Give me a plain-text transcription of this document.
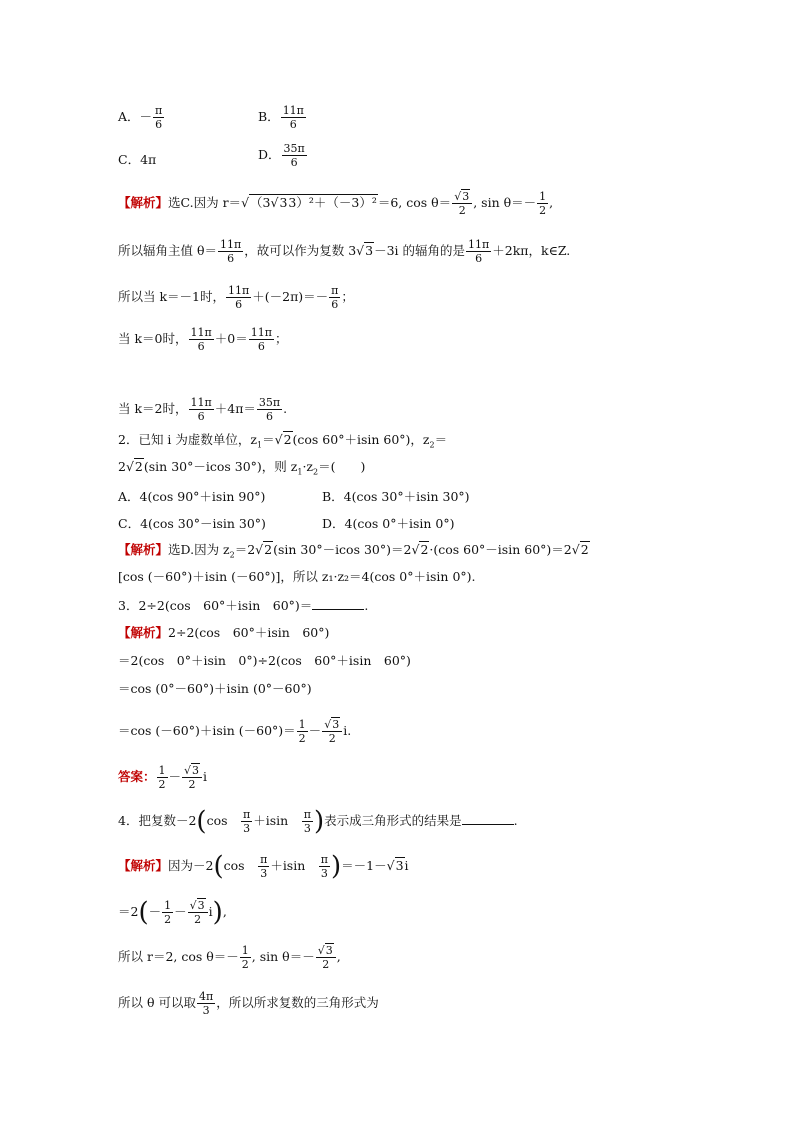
A．－ $\frac{\pi}{6}$	B． $\frac{11\pi}{6}$
C．4π	D． $\frac{35\pi}{6}$
【解析】选C.因为 r＝√（3√33）²＋（－3）²＝6, $\cos \theta= \frac{√3}{2}$ , $\sin \theta=- \frac{1}{2}$ ,
所以辐角主值 $\theta= \frac{11\pi}{6}$ ，故可以作为复数 3√3－3i 的辐角的是 $\frac{11\pi}{6} +2k\pi$，k∈Z.
所以当 k＝－1时， $\frac{11\pi}{6} +(-2\pi)=- \frac{\pi}{6}$ ；
当 k＝0时， $\frac{11\pi}{6} +0= \frac{11\pi}{6}$ ；
当 k＝2时， $\frac{11\pi}{6} +4\pi= \frac{35\pi}{6}$ .
2．已知 i 为虚数单位，$z_1=√2(\cos$ 60°＋isin 60°)，$z_2=$
2√2(sin 30°－icos 30°)，则 $z_1\cdot z_2=$(　　)
A．4(cos 90°＋isin 90°)	B．4(cos 30°＋isin 30°)
C．4(cos 30°－isin 30°)	D．4(cos 0°＋isin 0°)
【解析】选D.因为 $z_2=2√2(\sin$ 30°－icos 30°)＝2√2·(cos 60°－isin 60°)＝2√2
[cos (－60°)＋isin (－60°)]，所以 z₁·z₂＝4(cos 0°＋isin 0°).
3．2÷2(cos　60°＋isin　60°)＝	.
【解析】2÷2(cos　60°＋isin　60°)
＝2(cos　0°＋isin　0°)÷2(cos　60°＋isin　60°)
＝cos (0°－60°)＋isin (0°－60°)
＝cos (－60°)＋isin $(-60^\circ)= \frac{1}{2} - \frac{√3}{2} i$.
答案： $\frac{1}{2} - \frac{√3}{2}$ i
4．把复数－2(cos　 $\frac{\pi}{3} +isin$　 $\frac{\pi}{3}$ )表示成三角形式的结果是	.
【解析】因为－2(cos　 $\frac{\pi}{3} +isin$　 $\frac{\pi}{3} )=-1-√3i$
$=2(- \frac{1}{2} - \frac{√3}{2} i)$,
所以 r＝2, $\cos \theta=- \frac{1}{2}$ , $\sin \theta=- \frac{√3}{2}$ ,
所以 θ 可以取 $\frac{4\pi}{3}$ ，所以所求复数的三角形式为
